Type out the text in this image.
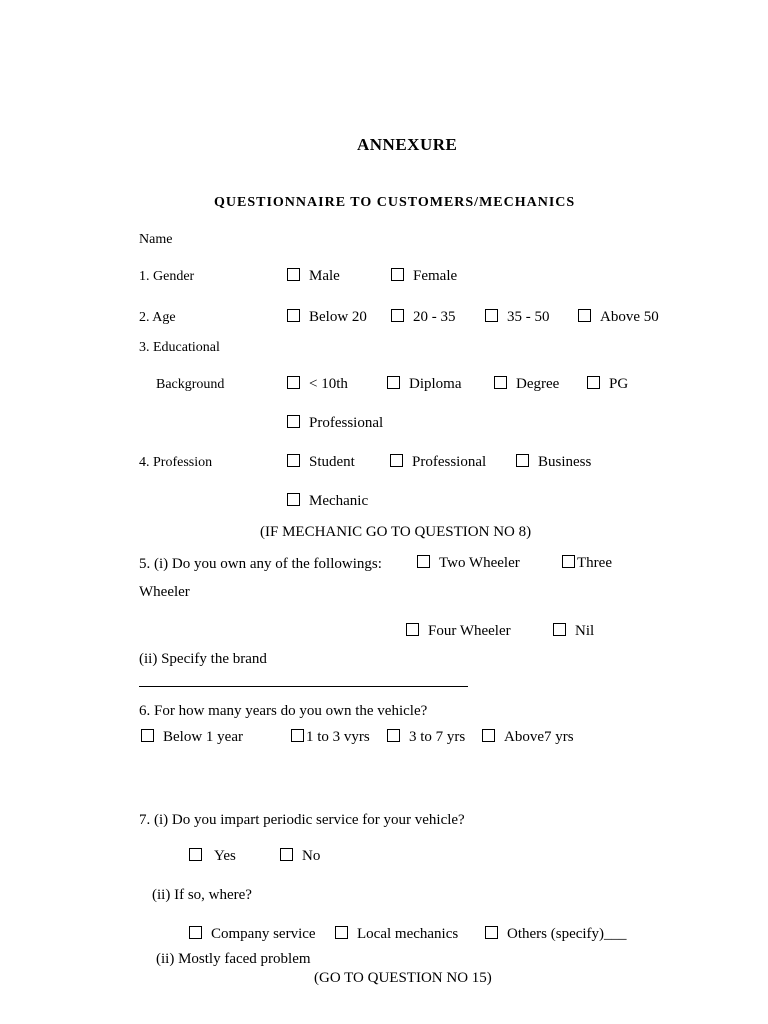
ANNEXURE
QUESTIONNAIRE TO CUSTOMERS/MECHANICS
Name
1. Gender	Male	Female
2. Age	Below 20	20 - 35	35 - 50	Above 50
3. Educational
Background	< 10th	Diploma	Degree	PG
Professional
4. Profession	Student	Professional	Business
Mechanic
(IF MECHANIC GO TO QUESTION NO 8)
5. (i) Do you own any of the followings:	Two Wheeler	Three
Wheeler
Four Wheeler	Nil
(ii) Specify the brand
6. For how many years do you own the vehicle?
Below 1 year	1 to 3 vyrs	3 to 7 yrs	Above7 yrs
7. (i) Do you impart periodic service for your vehicle?
Yes	No
(ii) If so, where?
Company service	Local mechanics	Others (specify)___
(ii) Mostly faced problem
(GO TO QUESTION NO 15)
